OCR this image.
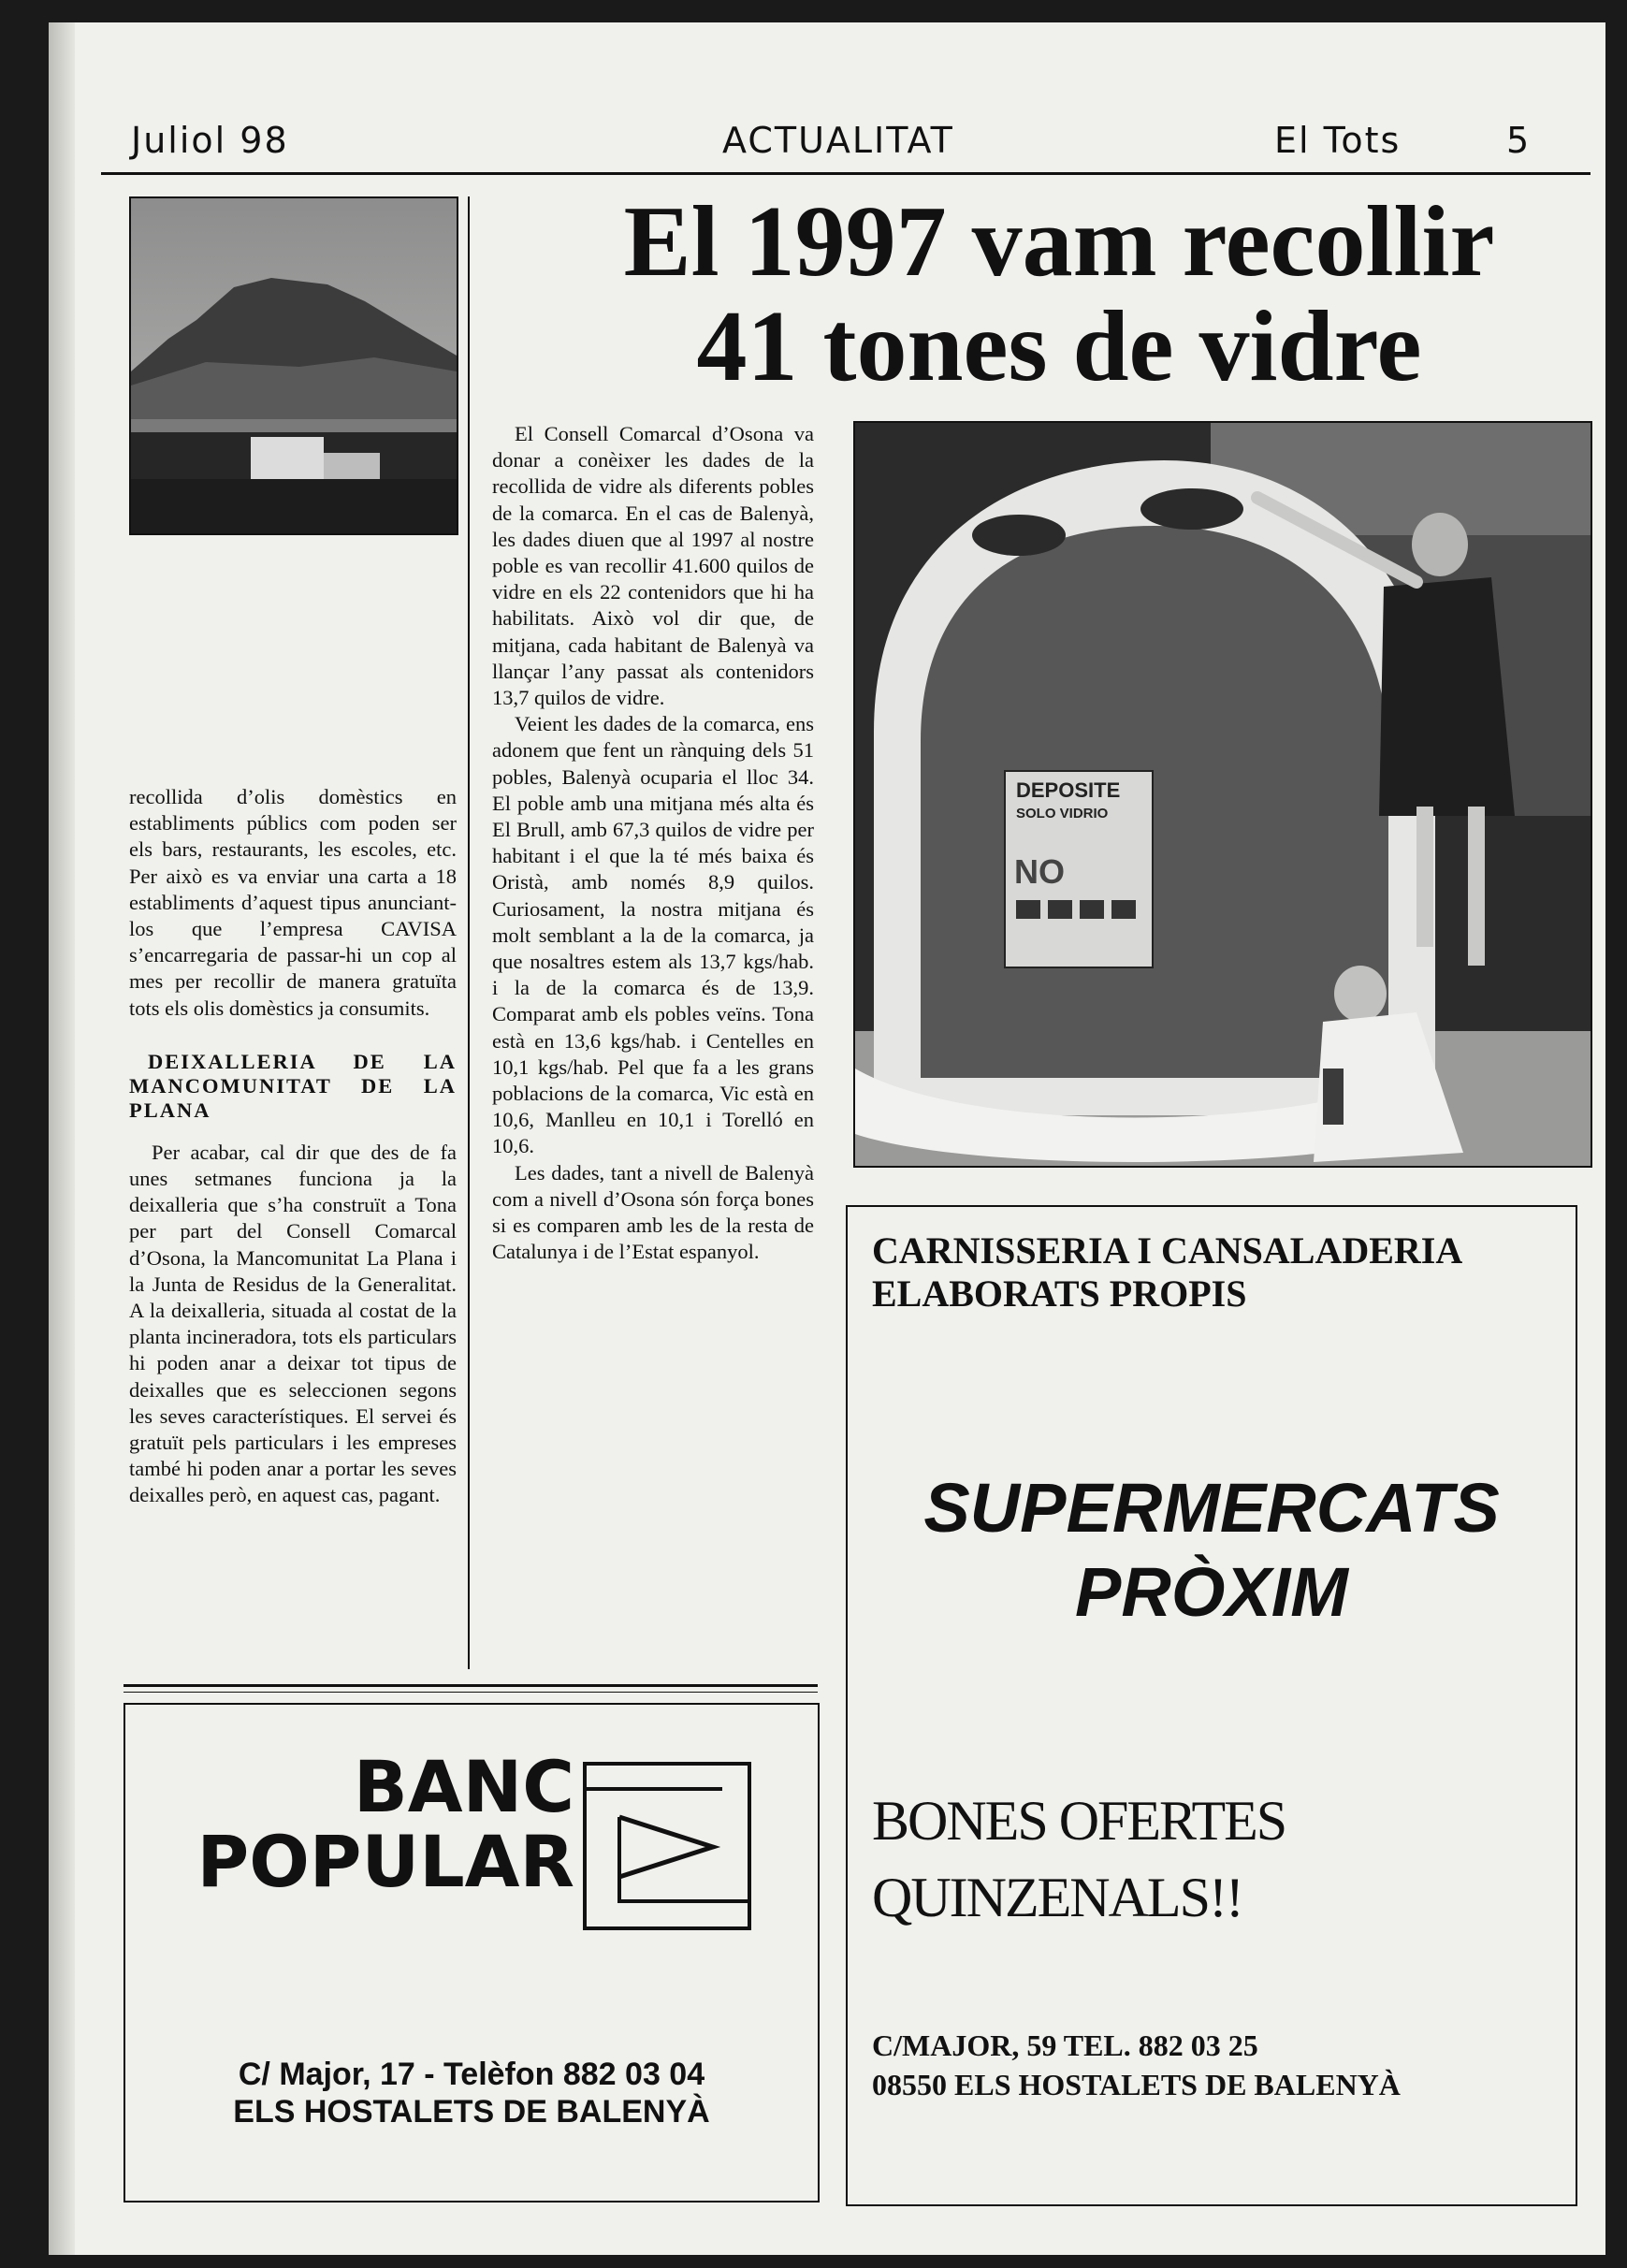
Juliol 98	ACTUALITAT	El Tots	5

recollida d’olis domèstics en establiments públics com poden ser els bars, restaurants, les escoles, etc. Per això es va enviar una carta a 18 establiments d’aquest tipus anunciant-los que l’empresa CAVISA s’encarregaria de passar-hi un cop al mes per recollir de manera gratuïta tots els olis domèstics ja consumits.

DEIXALLERIA DE LA MANCOMUNITAT DE LA PLANA

Per acabar, cal dir que des de fa unes setmanes funciona ja la deixalleria que s’ha construït a Tona per part del Consell Comarcal d’Osona, la Mancomunitat La Plana i la Junta de Residus de la Generalitat. A la deixalleria, situada al costat de la planta incineradora, tots els particulars hi poden anar a deixar tot tipus de deixalles que es seleccionen segons les seves característiques. El servei és gratuït pels particulars i les empreses també hi poden anar a portar les seves deixalles però, en aquest cas, pagant.

El 1997 vam recollir
41 tones de vidre

El Consell Comarcal d’Osona va donar a conèixer les dades de la recollida de vidre als diferents pobles de la comarca. En el cas de Balenyà, les dades diuen que al 1997 al nostre poble es van recollir 41.600 quilos de vidre en els 22 contenidors que hi ha habilitats. Això vol dir que, de mitjana, cada habitant de Balenyà va llançar l’any passat als contenidors 13,7 quilos de vidre.

Veient les dades de la comarca, ens adonem que fent un rànquing dels 51 pobles, Balenyà ocuparia el lloc 34. El poble amb una mitjana més alta és El Brull, amb 67,3 quilos de vidre per habitant i el que la té més baixa és Oristà, amb només 8,9 quilos. Curiosament, la nostra mitjana és molt semblant a la de la comarca, ja que nosaltres estem als 13,7 kgs/hab. i la de la comarca és de 13,9. Comparat amb els pobles veïns. Tona està en 13,6 kgs/hab. i Centelles en 10,1 kgs/hab. Pel que fa a les grans poblacions de la comarca, Vic està en 10,6, Manlleu en 10,1 i Torelló en 10,6.

Les dades, tant a nivell de Balenyà com a nivell d’Osona són força bones si es comparen amb les de la resta de Catalunya i de l’Estat espanyol.

DEPOSITE
SOLO VIDRIO
NO
BANC
POPULAR
C/ Major, 17 - Telèfon 882 03 04
ELS HOSTALETS DE BALENYÀ
CARNISSERIA I CANSALADERIA
ELABORATS PROPIS
SUPERMERCATS
PRÒXIM
BONES OFERTES
QUINZENALS!!
C/MAJOR, 59 TEL. 882 03 25
08550 ELS HOSTALETS DE BALENYÀ
